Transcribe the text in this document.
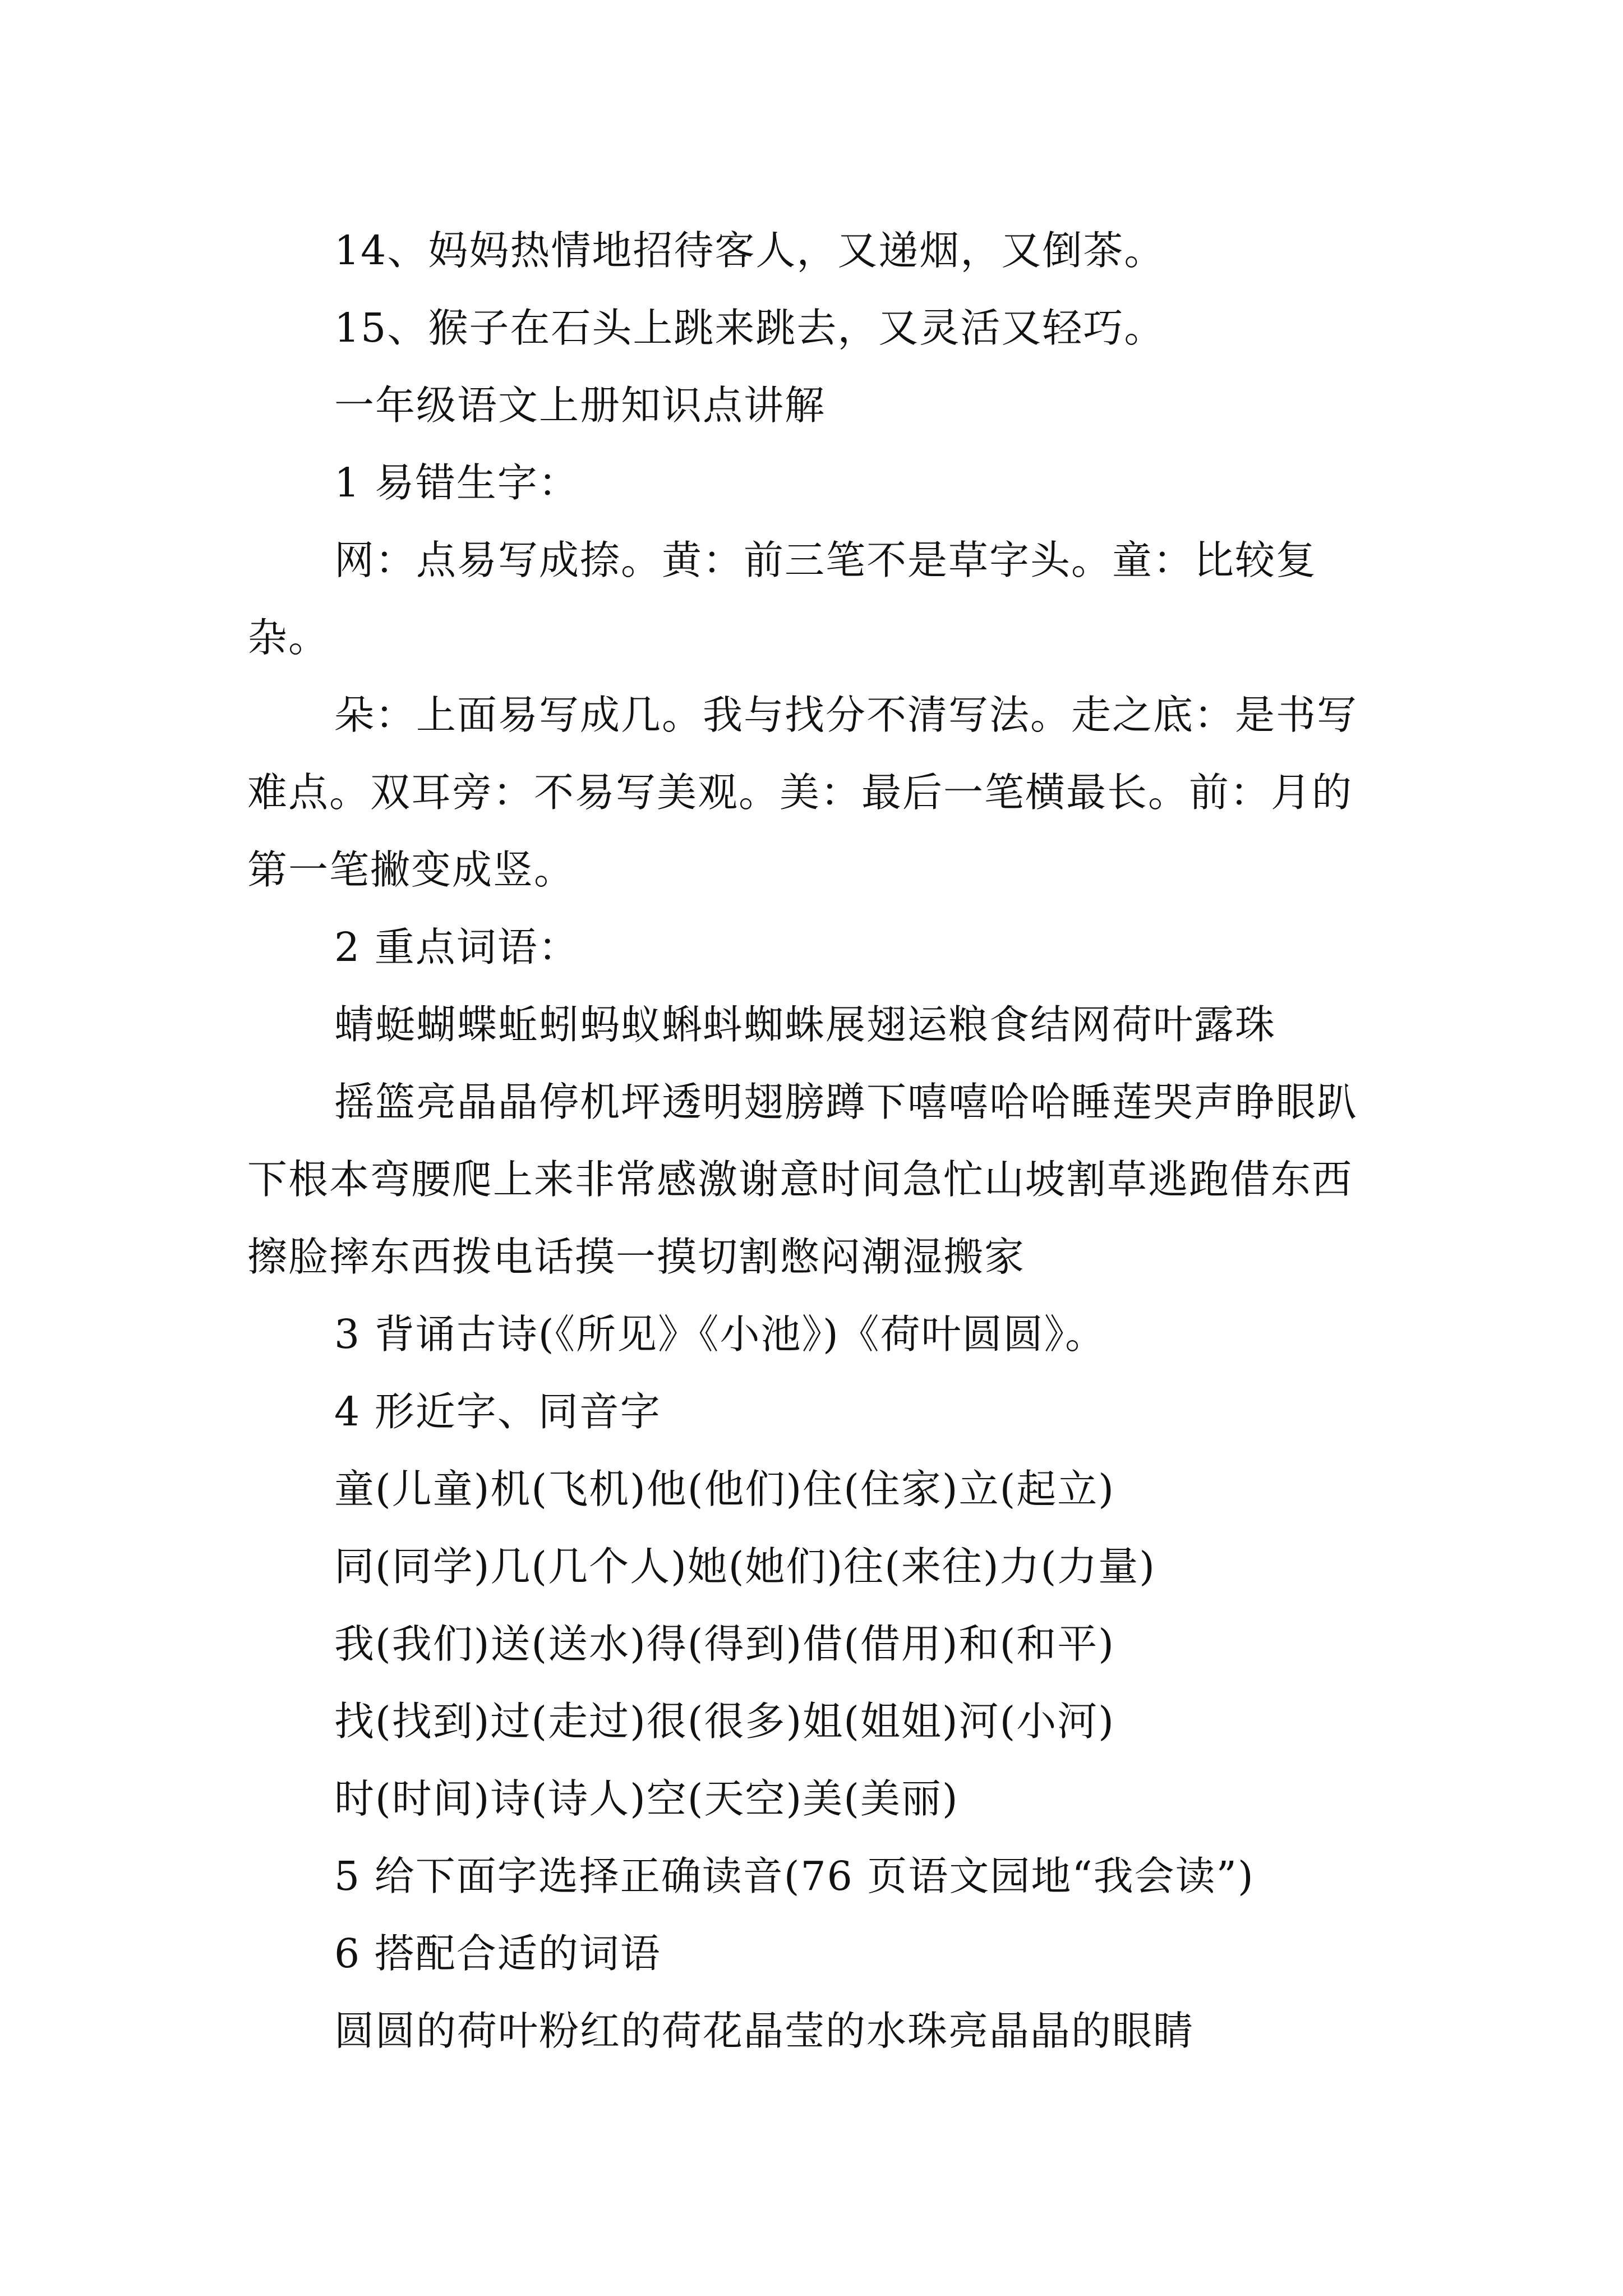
14、妈妈热情地招待客人，又递烟，又倒茶。

15、猴子在石头上跳来跳去，又灵活又轻巧。

一年级语文上册知识点讲解

1 易错生字：

网：点易写成捺。黄：前三笔不是草字头。童：比较复杂。

朵：上面易写成几。我与找分不清写法。走之底：是书写难点。双耳旁：不易写美观。美：最后一笔横最长。前：月的第一笔撇变成竖。

2 重点词语：

蜻蜓蝴蝶蚯蚓蚂蚁蝌蚪蜘蛛展翅运粮食结网荷叶露珠

摇篮亮晶晶停机坪透明翅膀蹲下嘻嘻哈哈睡莲哭声睁眼趴下根本弯腰爬上来非常感激谢意时间急忙山坡割草逃跑借东西擦脸摔东西拨电话摸一摸切割憋闷潮湿搬家

3 背诵古诗(《所见》《小池》)《荷叶圆圆》。

4 形近字、同音字

童(儿童)机(飞机)他(他们)住(住家)立(起立)

同(同学)几(几个人)她(她们)往(来往)力(力量)

我(我们)送(送水)得(得到)借(借用)和(和平)

找(找到)过(走过)很(很多)姐(姐姐)河(小河)

时(时间)诗(诗人)空(天空)美(美丽)

5 给下面字选择正确读音(76 页语文园地“我会读”)

6 搭配合适的词语

圆圆的荷叶粉红的荷花晶莹的水珠亮晶晶的眼睛
